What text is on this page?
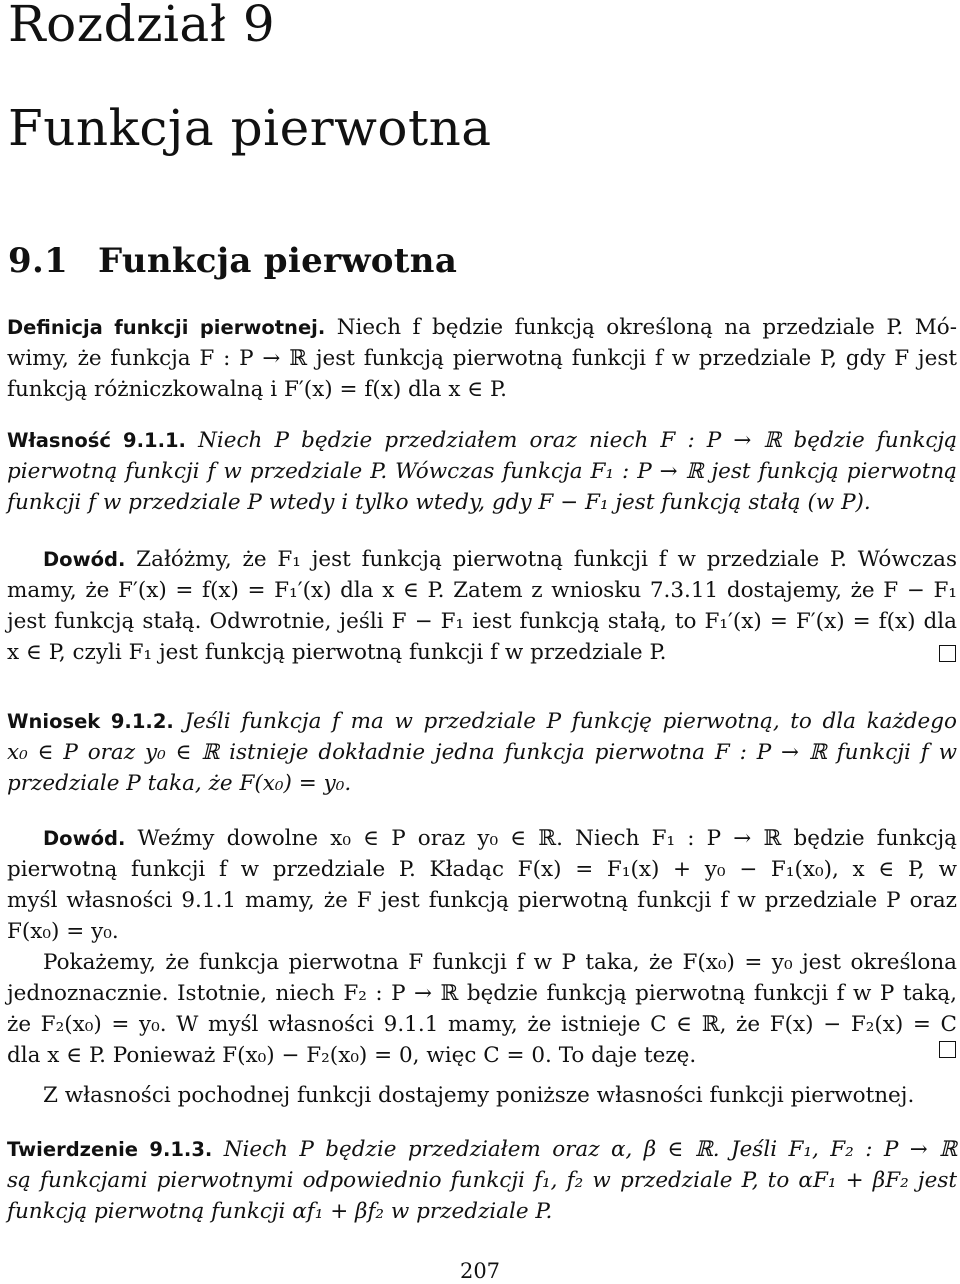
Rozdział 9
Funkcja pierwotna
9.1 Funkcja pierwotna
Definicja funkcji pierwotnej. Niech f będzie funkcją określoną na przedziale P. Mó-
wimy, że funkcja F : P → ℝ jest funkcją pierwotną funkcji f w przedziale P, gdy F jest
funkcją różniczkowalną i F′(x) = f(x) dla x ∈ P.
Własność 9.1.1. Niech P będzie przedziałem oraz niech F : P → ℝ będzie funkcją
pierwotną funkcji f w przedziale P. Wówczas funkcja F₁ : P → ℝ jest funkcją pierwotną
funkcji f w przedziale P wtedy i tylko wtedy, gdy F − F₁ jest funkcją stałą (w P).
Dowód. Załóżmy, że F₁ jest funkcją pierwotną funkcji f w przedziale P. Wówczas
mamy, że F′(x) = f(x) = F₁′(x) dla x ∈ P. Zatem z wniosku 7.3.11 dostajemy, że F − F₁
jest funkcją stałą. Odwrotnie, jeśli F − F₁ iest funkcją stałą, to F₁′(x) = F′(x) = f(x) dla
x ∈ P, czyli F₁ jest funkcją pierwotną funkcji f w przedziale P.
Wniosek 9.1.2. Jeśli funkcja f ma w przedziale P funkcję pierwotną, to dla każdego
x₀ ∈ P oraz y₀ ∈ ℝ istnieje dokładnie jedna funkcja pierwotna F : P → ℝ funkcji f w
przedziale P taka, że F(x₀) = y₀.
Dowód. Weźmy dowolne x₀ ∈ P oraz y₀ ∈ ℝ. Niech F₁ : P → ℝ będzie funkcją
pierwotną funkcji f w przedziale P. Kładąc F(x) = F₁(x) + y₀ − F₁(x₀), x ∈ P, w
myśl własności 9.1.1 mamy, że F jest funkcją pierwotną funkcji f w przedziale P oraz
F(x₀) = y₀.
Pokażemy, że funkcja pierwotna F funkcji f w P taka, że F(x₀) = y₀ jest określona
jednoznacznie. Istotnie, niech F₂ : P → ℝ będzie funkcją pierwotną funkcji f w P taką,
że F₂(x₀) = y₀. W myśl własności 9.1.1 mamy, że istnieje C ∈ ℝ, że F(x) − F₂(x) = C
dla x ∈ P. Ponieważ F(x₀) − F₂(x₀) = 0, więc C = 0. To daje tezę.
Z własności pochodnej funkcji dostajemy poniższe własności funkcji pierwotnej.
Twierdzenie 9.1.3. Niech P będzie przedziałem oraz α, β ∈ ℝ. Jeśli F₁, F₂ : P → ℝ
są funkcjami pierwotnymi odpowiednio funkcji f₁, f₂ w przedziale P, to αF₁ + βF₂ jest
funkcją pierwotną funkcji αf₁ + βf₂ w przedziale P.
207
